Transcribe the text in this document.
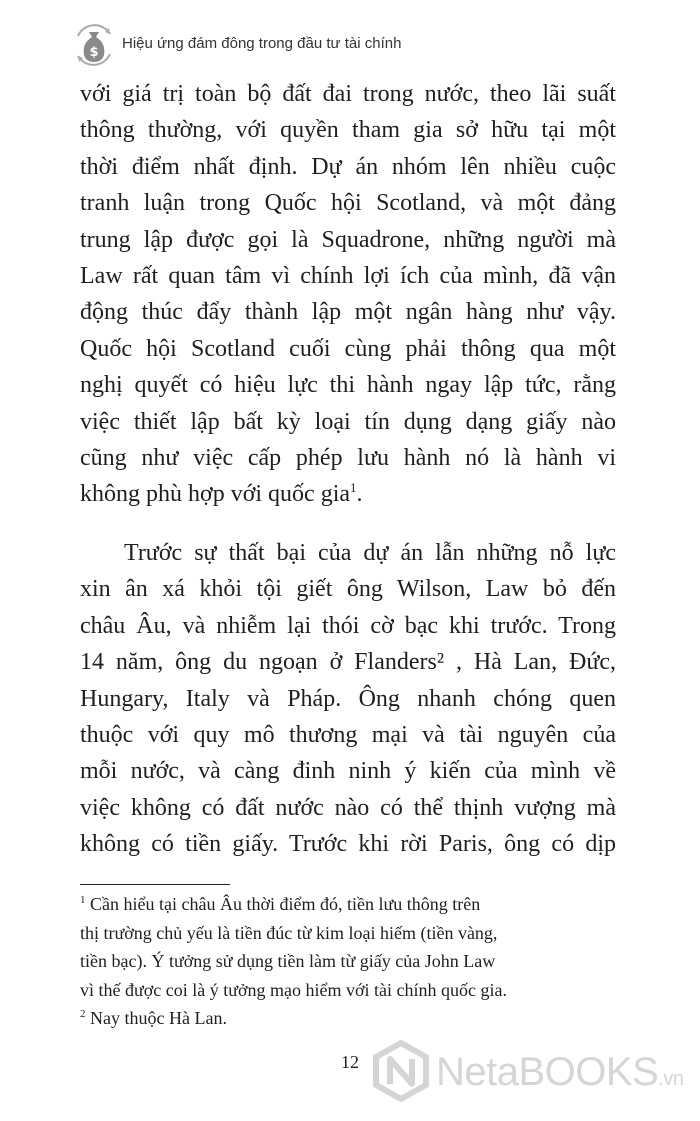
$
Hiệu ứng đám đông trong đầu tư tài chính
với giá trị toàn bộ đất đai trong nước, theo lãi suất
thông thường, với quyền tham gia sở hữu tại một
thời điểm nhất định. Dự án nhóm lên nhiều cuộc
tranh luận trong Quốc hội Scotland, và một đảng
trung lập được gọi là Squadrone, những người mà
Law rất quan tâm vì chính lợi ích của mình, đã vận
động thúc đẩy thành lập một ngân hàng như vậy.
Quốc hội Scotland cuối cùng phải thông qua một
nghị quyết có hiệu lực thi hành ngay lập tức, rằng
việc thiết lập bất kỳ loại tín dụng dạng giấy nào
cũng như việc cấp phép lưu hành nó là hành vi
không phù hợp với quốc gia$^1$.
Trước sự thất bại của dự án lẫn những nỗ lực
xin ân xá khỏi tội giết ông Wilson, Law bỏ đến
châu Âu, và nhiễm lại thói cờ bạc khi trước. Trong
14 năm, ông du ngoạn ở Flanders² , Hà Lan, Đức,
Hungary, Italy và Pháp. Ông nhanh chóng quen
thuộc với quy mô thương mại và tài nguyên của
mỗi nước, và càng đinh ninh ý kiến của mình về
việc không có đất nước nào có thể thịnh vượng mà
không có tiền giấy. Trước khi rời Paris, ông có dịp
$^1$ Cần hiểu tại châu Âu thời điểm đó, tiền lưu thông trên
thị trường chủ yếu là tiền đúc từ kim loại hiếm (tiền vàng,
tiền bạc). Ý tưởng sử dụng tiền làm từ giấy của John Law
vì thế được coi là ý tưởng mạo hiểm với tài chính quốc gia.
$^2$ Nay thuộc Hà Lan.
12	NetaBOOKS.vn
